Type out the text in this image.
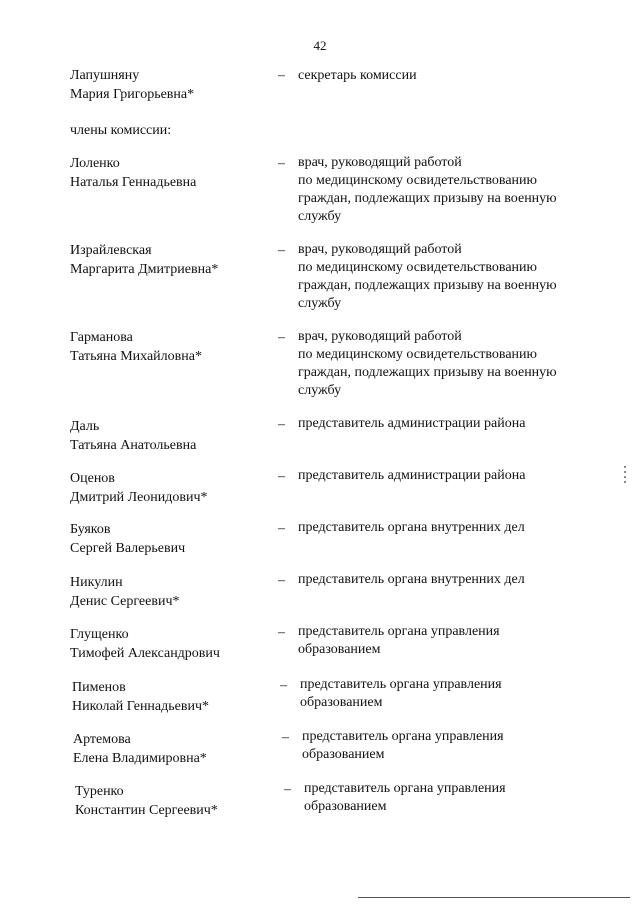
42
Лапушняну
Мария Григорьевна*
– секретарь комиссии
члены комиссии:
Лоленко
Наталья Геннадьевна
– врач, руководящий работой
по медицинскому освидетельствованию
граждан, подлежащих призыву на военную
службу
Израйлевская
Маргарита Дмитриевна*
– врач, руководящий работой
по медицинскому освидетельствованию
граждан, подлежащих призыву на военную
службу
Гарманова
Татьяна Михайловна*
– врач, руководящий работой
по медицинскому освидетельствованию
граждан, подлежащих призыву на военную
службу
Даль
Татьяна Анатольевна
– представитель администрации района
Оценов
Дмитрий Леонидович*
– представитель администрации района
Буяков
Сергей Валерьевич
– представитель органа внутренних дел
Никулин
Денис Сергеевич*
– представитель органа внутренних дел
Глущенко
Тимофей Александрович
– представитель органа управления
образованием
Пименов
Николай Геннадьевич*
– представитель органа управления
образованием
Артемова
Елена Владимировна*
– представитель органа управления
образованием
Туренко
Константин Сергеевич*
– представитель органа управления
образованием
